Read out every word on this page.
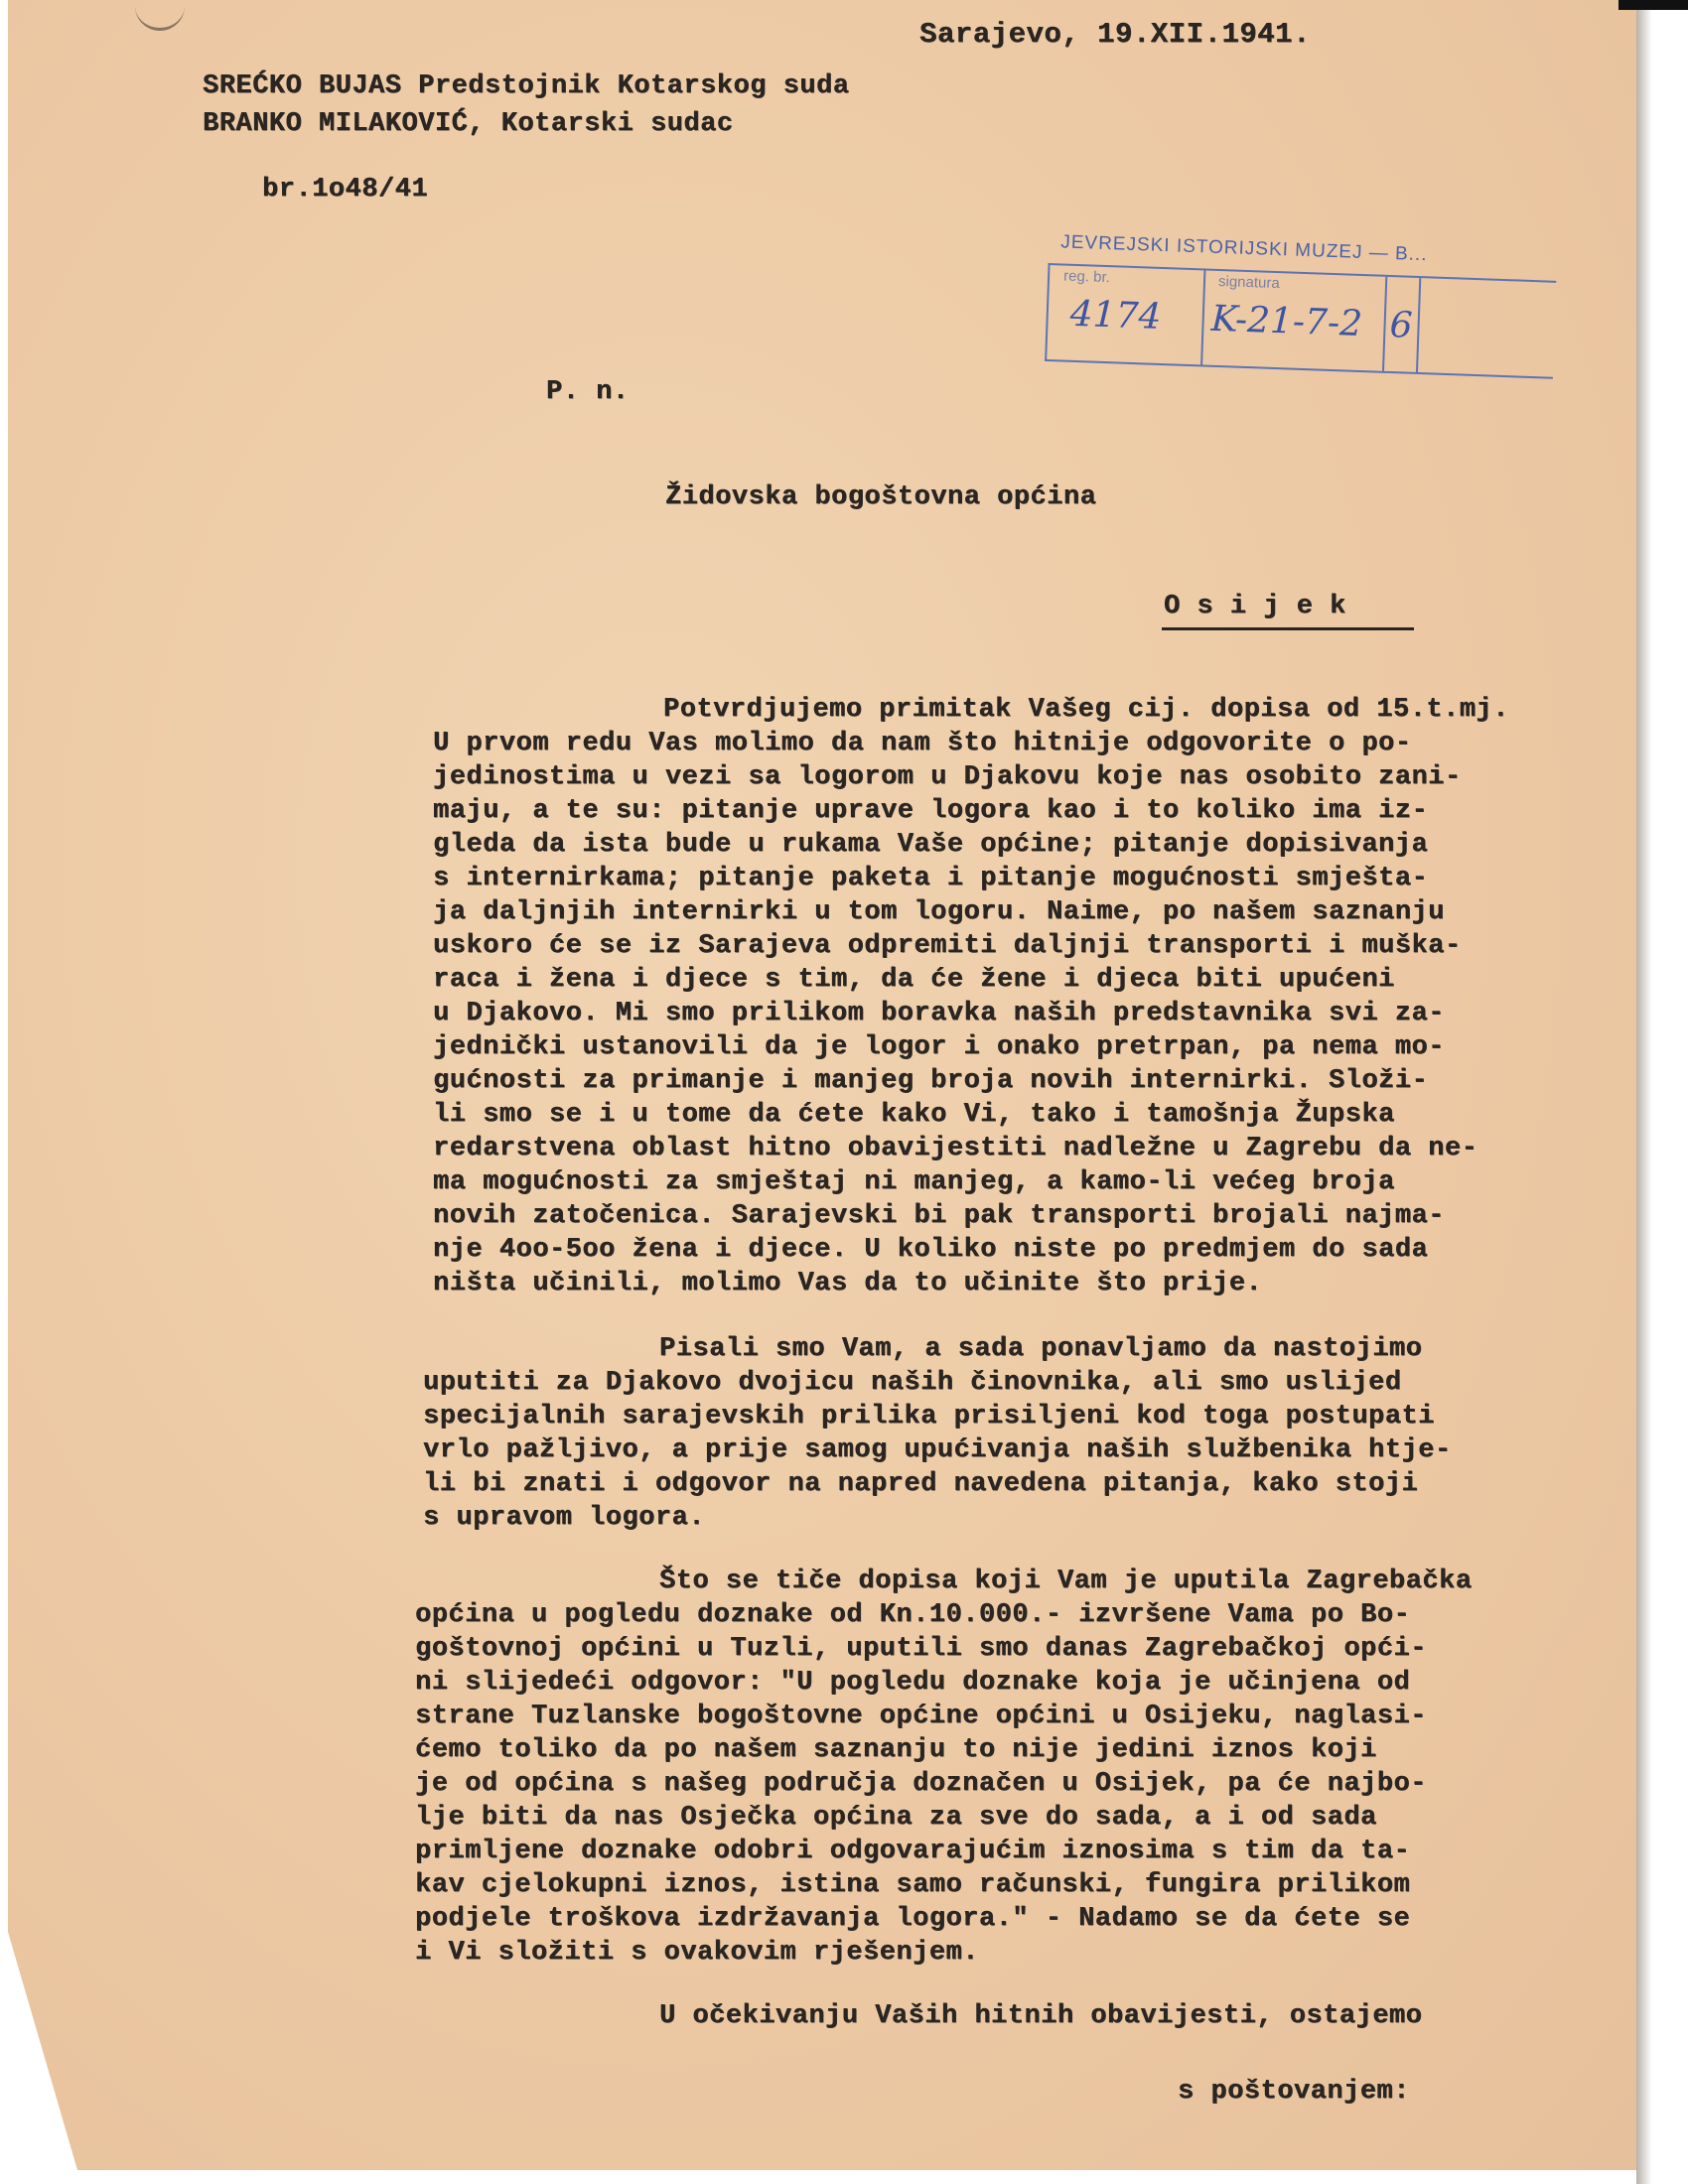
Sarajevo, 19.XII.1941.
SREĆKO BUJAS Predstojnik Kotarskog suda
BRANKO MILAKOVIĆ, Kotarski sudac
br.1o48/41
JEVREJSKI ISTORIJSKI MUZEJ — B...
reg. br.	signatura
4174 K-21-7-2 6
P. n.
Židovska bogoštovna općina
O s i j e k
Potvrdjujemo primitak Vašeg cij. dopisa od 15.t.mj.
U prvom redu Vas molimo da nam što hitnije odgovorite o po-
jedinostima u vezi sa logorom u Djakovu koje nas osobito zani-
maju, a te su: pitanje uprave logora kao i to koliko ima iz-
gleda da ista bude u rukama Vaše općine; pitanje dopisivanja
s internirkama; pitanje paketa i pitanje mogućnosti smješta-
ja daljnjih internirki u tom logoru. Naime, po našem saznanju
uskoro će se iz Sarajeva odpremiti daljnji transporti i muška-
raca i žena i djece s tim, da će žene i djeca biti upućeni
u Djakovo. Mi smo prilikom boravka naših predstavnika svi za-
jednički ustanovili da je logor i onako pretrpan, pa nema mo-
gućnosti za primanje i manjeg broja novih internirki. Složi-
li smo se i u tome da ćete kako Vi, tako i tamošnja Župska
redarstvena oblast hitno obavijestiti nadležne u Zagrebu da ne-
ma mogućnosti za smještaj ni manjeg, a kamo-li većeg broja
novih zatočenica. Sarajevski bi pak transporti brojali najma-
nje 4oo-5oo žena i djece. U koliko niste po predmjem do sada
ništa učinili, molimo Vas da to učinite što prije.
Pisali smo Vam, a sada ponavljamo da nastojimo
uputiti za Djakovo dvojicu naših činovnika, ali smo uslijed
specijalnih sarajevskih prilika prisiljeni kod toga postupati
vrlo pažljivo, a prije samog upućivanja naših službenika htje-
li bi znati i odgovor na napred navedena pitanja, kako stoji
s upravom logora.
Što se tiče dopisa koji Vam je uputila Zagrebačka
općina u pogledu doznake od Kn.10.000.- izvršene Vama po Bo-
goštovnoj općini u Tuzli, uputili smo danas Zagrebačkoj opći-
ni slijedeći odgovor: "U pogledu doznake koja je učinjena od
strane Tuzlanske bogoštovne općine općini u Osijeku, naglasi-
ćemo toliko da po našem saznanju to nije jedini iznos koji
je od općina s našeg područja doznačen u Osijek, pa će najbo-
lje biti da nas Osječka općina za sve do sada, a i od sada
primljene doznake odobri odgovarajućim iznosima s tim da ta-
kav cjelokupni iznos, istina samo računski, fungira prilikom
podjele troškova izdržavanja logora." - Nadamo se da ćete se
i Vi složiti s ovakovim rješenjem.
U očekivanju Vaših hitnih obavijesti, ostajemo
s poštovanjem:
